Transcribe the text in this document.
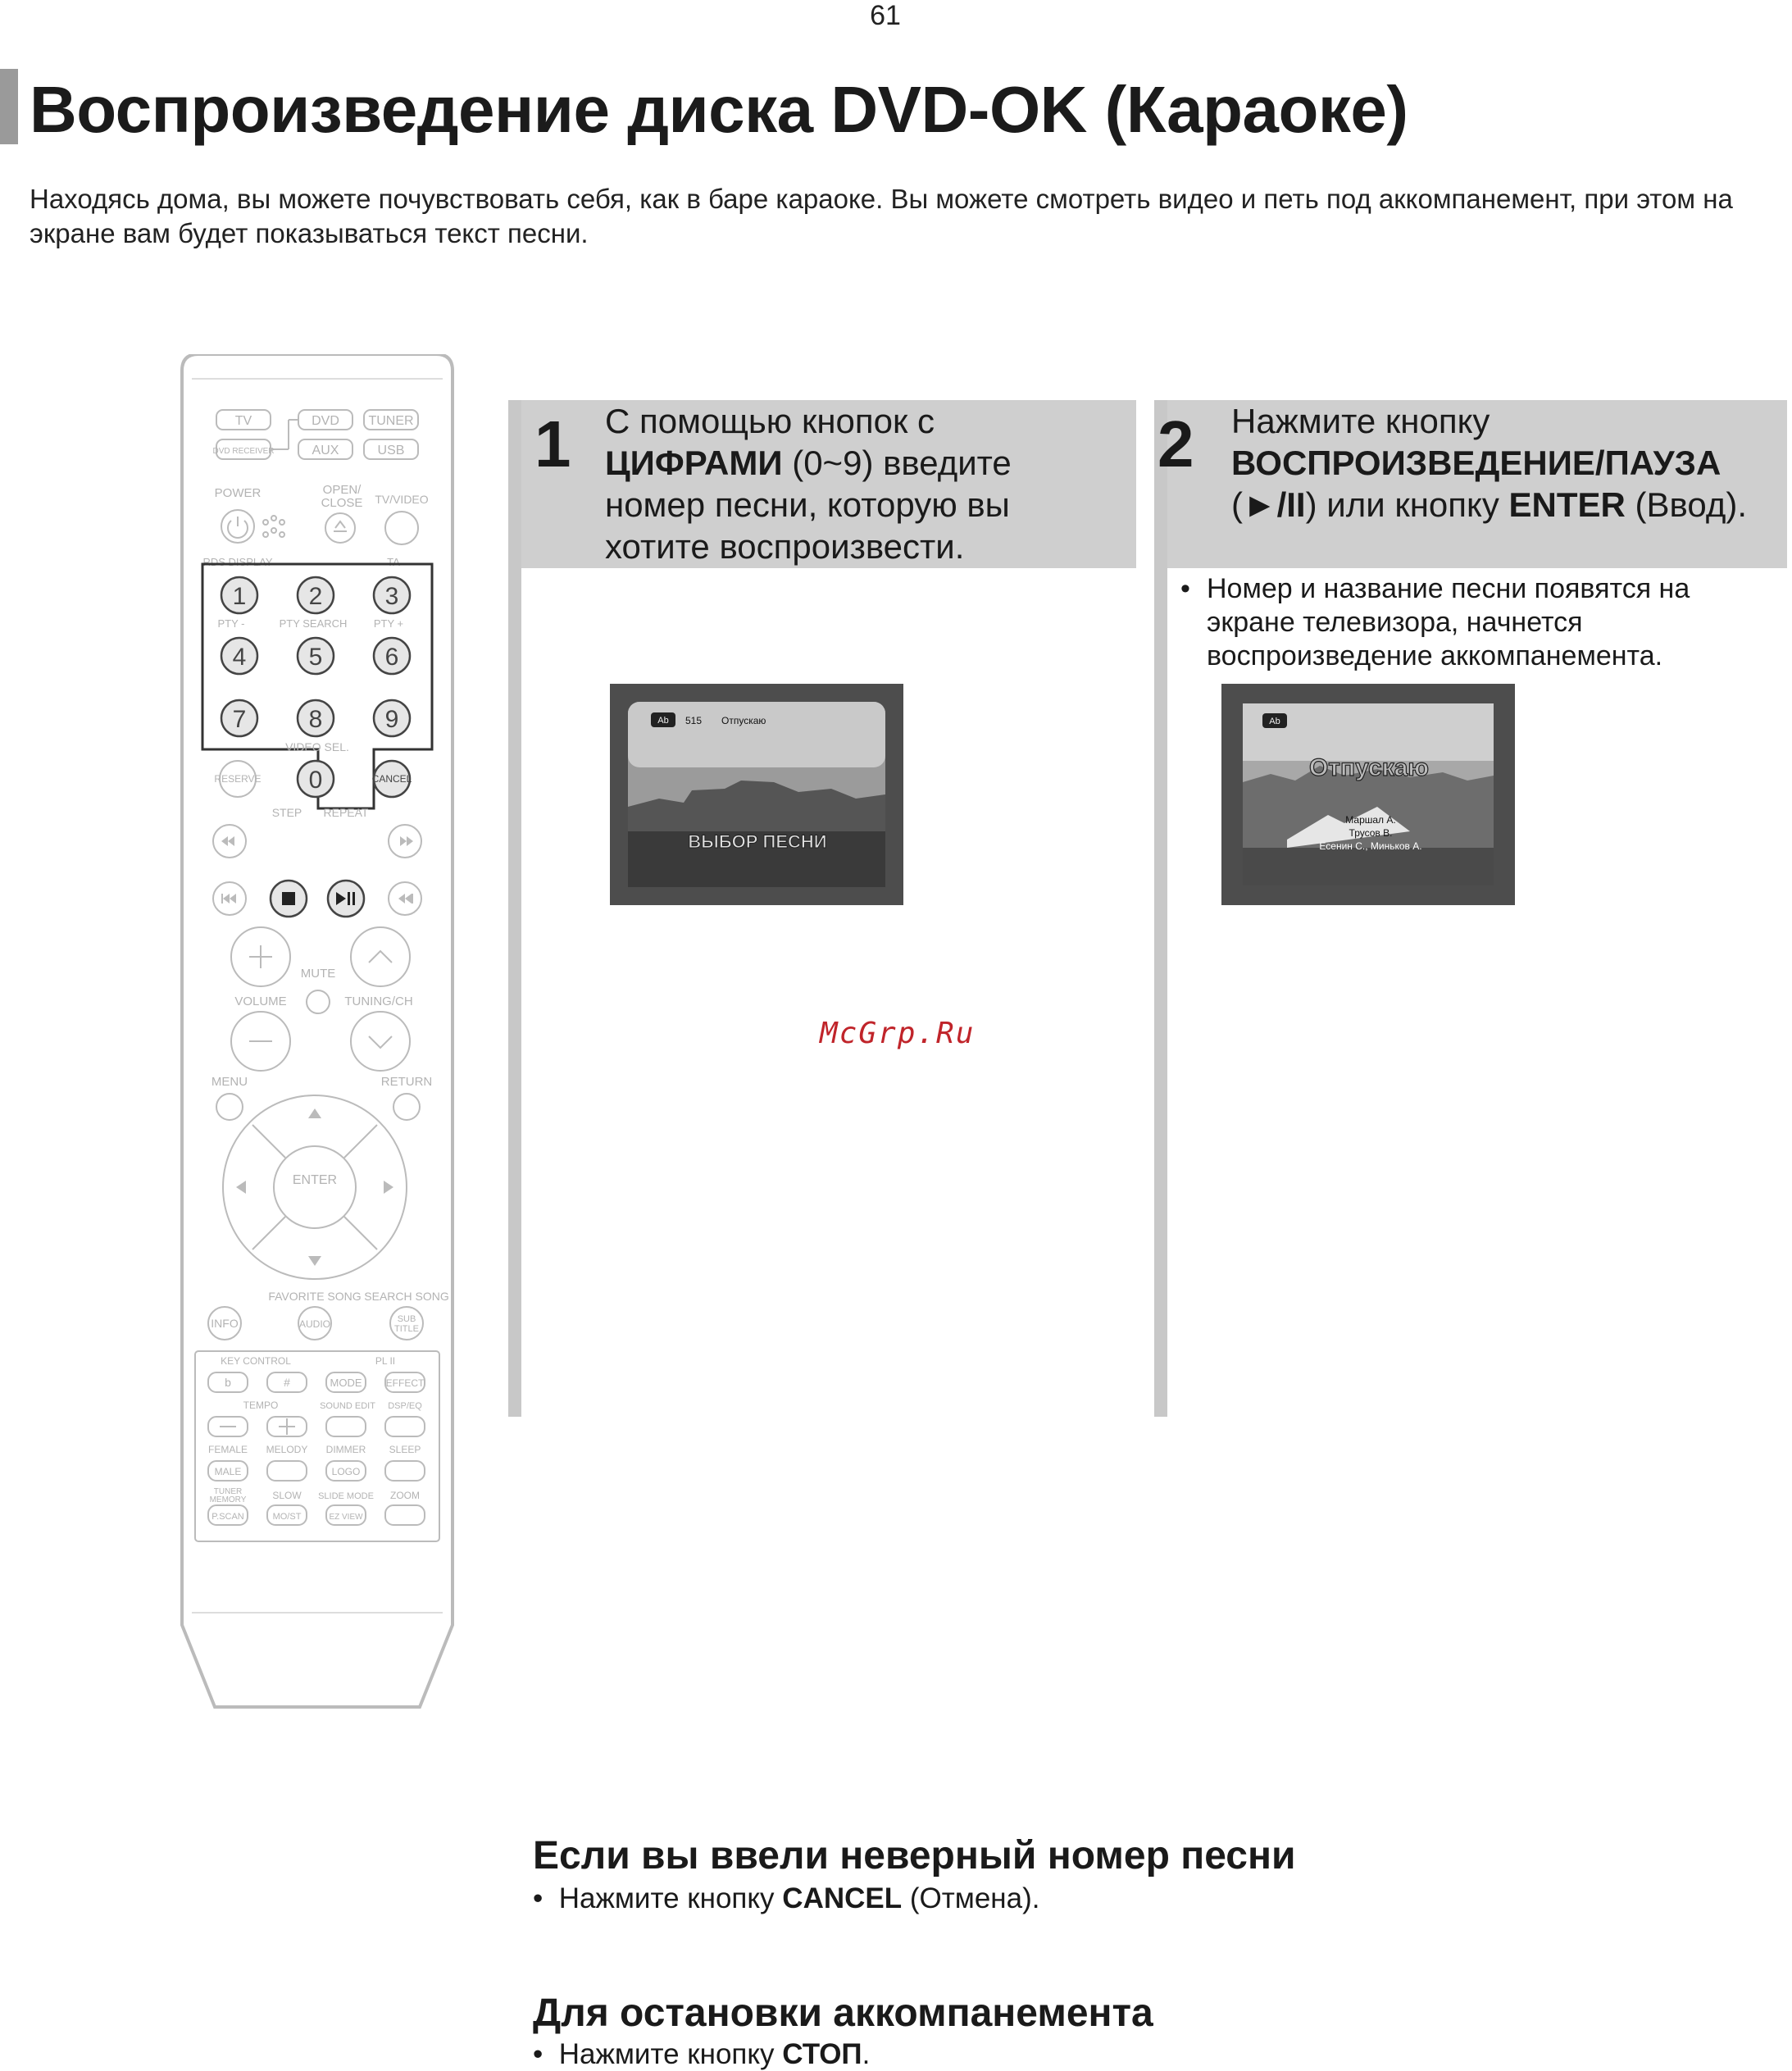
61
Воспроизведение диска DVD-OK (Караоке)

Находясь дома, вы можете почувствовать себя, как в баре караоке. Вы можете смотреть видео и петь под аккомпанемент, при этом на экране вам будет показываться текст песни.

TV	DVD TUNER
DVD RECEIVER	AUX	USB
POWER	OPEN/
CLOSE TV/VIDEO
RDS DISPLAY	TA
1	2	3
4	5	6
7	8	9
0
PTY -	PTY SEARCH PTY +
VIDEO SEL.
RESERVE	CANCEL
STEP REPEAT
MUTE
VOLUME	TUNING/CH
MENU	RETURN
ENTER
FAVORITE SONG SEARCH SONG
INFO	AUDIO	SUB
TITLE
KEY CONTROL	PL II
TEMPO	SOUND EDIT DSP/EQ
FEMALE MELODY DIMMER SLEEP
TUNER
MEMORY	SLOW SLIDE MODE ZOOM
b	#	MODE EFFECT
MALE	LOGO
P.SCAN	MO/ST	EZ VIEW
1 С помощью кнопок с
ЦИФРАМИ (0~9) введите
номер песни, которую вы
хотите воспроизвести.

Ab 515 Отпускаю
ВЫБОР ПЕСНИ
2 Нажмите кнопку
ВОСПРОИЗВЕДЕНИЕ/ПАУЗА
(►/II) или кнопку ENTER (Ввод).

• Номер и название песни появятся на экране телевизора, начнется воспроизведение аккомпанемента.

Ab
Отпускаю
Маршал А.
Трусов В.
Есенин С., Миньков А.
McGrp.Ru
Если вы ввели неверный номер песни

•  Нажмите кнопку CANCEL (Отмена).

Для остановки аккомпанемента

•  Нажмите кнопку СТОП.
